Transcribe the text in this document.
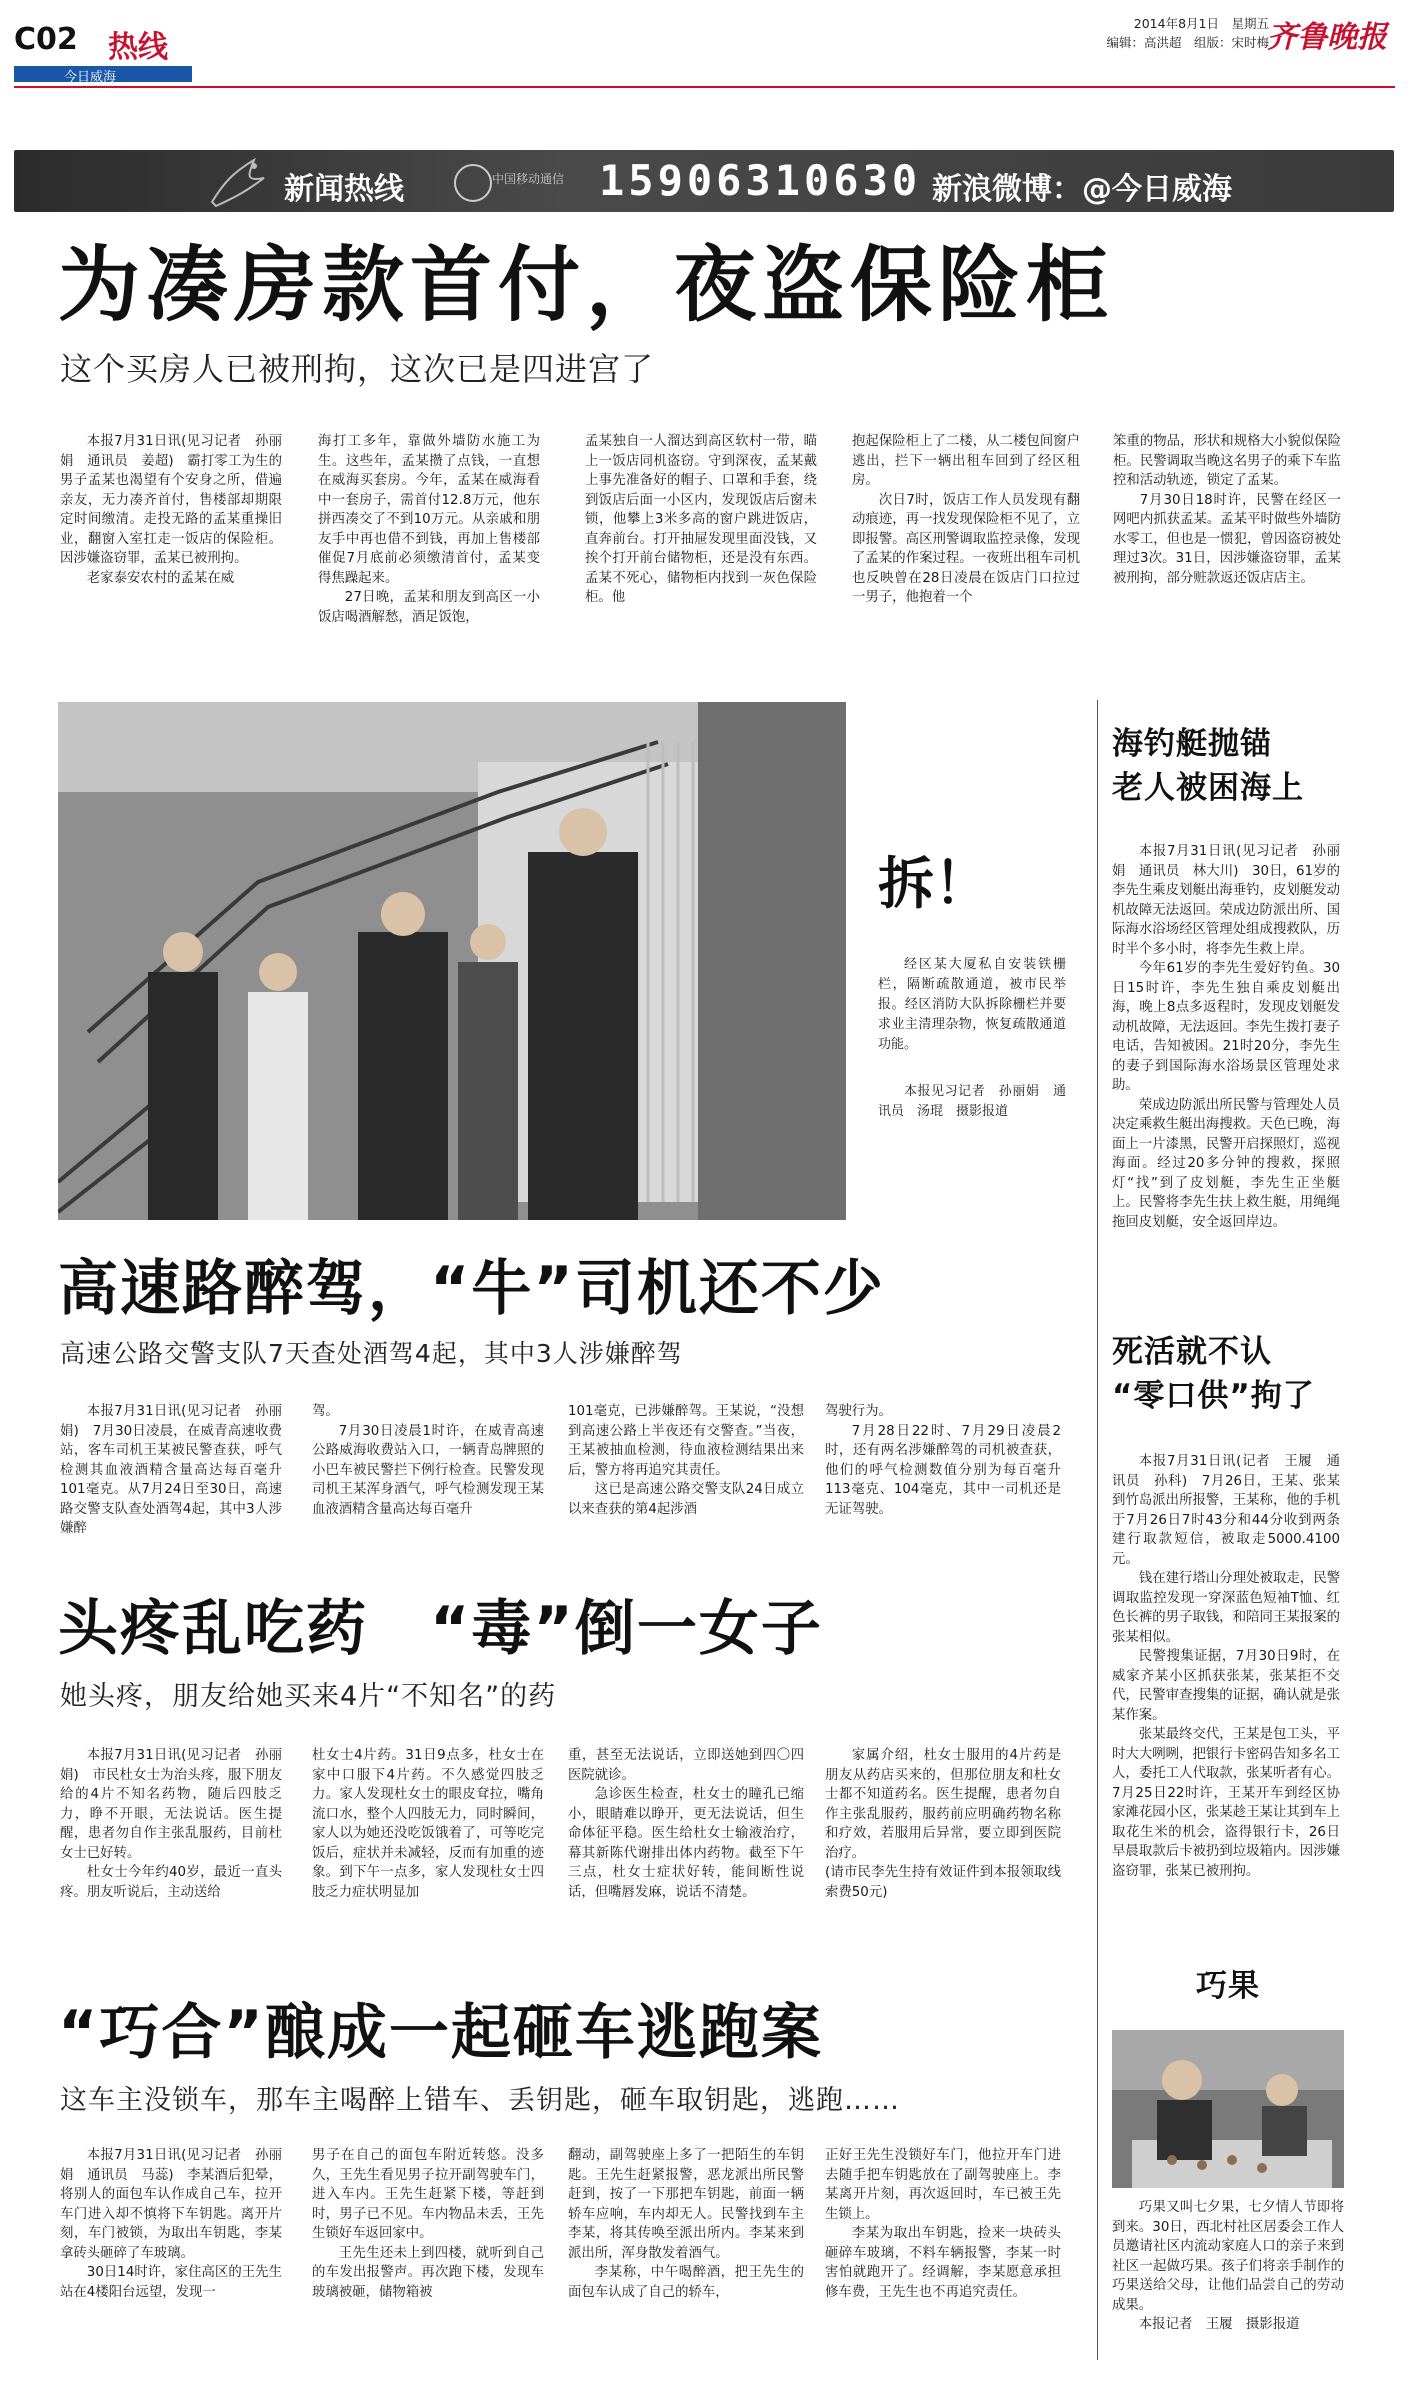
C02 热线
今日威海
2014年8月1日　星期五
编辑：高洪超　组版：宋时梅
齐鲁晚报
新闻热线	中国移动通信 15906310630 新浪微博：@今日威海
为凑房款首付，夜盗保险柜
这个买房人已被刑拘，这次已是四进宫了

本报7月31日讯(见习记者　孙丽娟　通讯员　姜超)　霸打零工为生的男子孟某也渴望有个安身之所，借遍亲友，无力凑齐首付，售楼部却期限定时间缴清。走投无路的孟某重操旧业，翻窗入室扛走一饭店的保险柜。因涉嫌盗窃罪，孟某已被刑拘。

老家泰安农村的孟某在威

海打工多年，靠做外墙防水施工为生。这些年，孟某攒了点钱，一直想在威海买套房。今年，孟某在威海看中一套房子，需首付12.8万元，他东拼西凑交了不到10万元。从亲戚和朋友手中再也借不到钱，再加上售楼部催促7月底前必须缴清首付，孟某变得焦躁起来。

27日晚，孟某和朋友到高区一小饭店喝酒解愁，酒足饭饱，

孟某独自一人溜达到高区软村一带，瞄上一饭店同机盗窃。守到深夜，孟某戴上事先准备好的帽子、口罩和手套，绕到饭店后面一小区内，发现饭店后窗未锁，他攀上3米多高的窗户跳进饭店，直奔前台。打开抽屉发现里面没钱，又挨个打开前台储物柜，还是没有东西。孟某不死心，储物柜内找到一灰色保险柜。他

抱起保险柜上了二楼，从二楼包间窗户逃出，拦下一辆出租车回到了经区租房。

次日7时，饭店工作人员发现有翻动痕迹，再一找发现保险柜不见了，立即报警。高区刑警调取监控录像，发现了孟某的作案过程。一夜班出租车司机也反映曾在28日凌晨在饭店门口拉过一男子，他抱着一个

笨重的物品，形状和规格大小貌似保险柜。民警调取当晚这名男子的乘下车监控和活动轨迹，锁定了孟某。

7月30日18时许，民警在经区一网吧内抓获孟某。孟某平时做些外墙防水零工，但也是一惯犯，曾因盗窃被处理过3次。31日，因涉嫌盗窃罪，孟某被刑拘，部分赃款返还饭店店主。

拆！

经区某大厦私自安装铁栅栏，隔断疏散通道，被市民举报。经区消防大队拆除栅栏并要求业主清理杂物，恢复疏散通道功能。

本报见习记者　孙丽娟　通讯员　汤琨　摄影报道

海钓艇抛锚
老人被困海上

本报7月31日讯(见习记者　孙丽娟　通讯员　林大川)　30日，61岁的李先生乘皮划艇出海垂钓，皮划艇发动机故障无法返回。荣成边防派出所、国际海水浴场经区管理处组成搜救队，历时半个多小时，将李先生救上岸。

今年61岁的李先生爱好钓鱼。30日15时许，李先生独自乘皮划艇出海，晚上8点多返程时，发现皮划艇发动机故障，无法返回。李先生拨打妻子电话，告知被困。21时20分，李先生的妻子到国际海水浴场景区管理处求助。

荣成边防派出所民警与管理处人员决定乘救生艇出海搜救。天色已晚，海面上一片漆黑，民警开启探照灯，巡视海面。经过20多分钟的搜救，探照灯“找”到了皮划艇，李先生正坐艇上。民警将李先生扶上救生艇，用绳绳拖回皮划艇，安全返回岸边。

死活就不认
“零口供”拘了

本报7月31日讯(记者　王履　通讯员　孙科)　7月26日，王某、张某到竹岛派出所报警，王某称，他的手机于7月26日7时43分和44分收到两条建行取款短信，被取走5000.4100元。

钱在建行塔山分理处被取走，民警调取监控发现一穿深蓝色短袖T恤、红色长裤的男子取钱，和陪同王某报案的张某相似。

民警搜集证据，7月30日9时，在威家齐某小区抓获张某，张某拒不交代，民警审查搜集的证据，确认就是张某作案。

张某最终交代，王某是包工头，平时大大咧咧，把银行卡密码告知多名工人，委托工人代取款，张某听者有心。7月25日22时许，王某开车到经区协家滩花园小区，张某趁王某让其到车上取花生米的机会，盗得银行卡，26日早晨取款后卡被扔到垃圾箱内。因涉嫌盗窃罪，张某已被刑拘。

巧果

巧果又叫七夕果，七夕情人节即将到来。30日，西北村社区居委会工作人员邀请社区内流动家庭人口的亲子来到社区一起做巧果。孩子们将亲手制作的巧果送给父母，让他们品尝自己的劳动成果。

本报记者　王履　摄影报道

高速路醉驾，“牛”司机还不少
高速公路交警支队7天查处酒驾4起，其中3人涉嫌醉驾

本报7月31日讯(见习记者　孙丽娟)　7月30日凌晨，在威青高速收费站，客车司机王某被民警查获，呼气检测其血液酒精含量高达每百毫升101毫克。从7月24日至30日，高速路交警支队查处酒驾4起，其中3人涉嫌醉

驾。

7月30日凌晨1时许，在威青高速公路威海收费站入口，一辆青岛牌照的小巴车被民警拦下例行检查。民警发现司机王某浑身酒气，呼气检测发现王某血液酒精含量高达每百毫升

101毫克，已涉嫌醉驾。王某说，“没想到高速公路上半夜还有交警查。”当夜，王某被抽血检测，待血液检测结果出来后，警方将再追究其责任。

这已是高速公路交警支队24日成立以来查获的第4起涉酒

驾驶行为。

7月28日22时、7月29日凌晨2时，还有两名涉嫌醉驾的司机被查获，他们的呼气检测数值分别为每百毫升113毫克、104毫克，其中一司机还是无证驾驶。

头疼乱吃药　“毒”倒一女子
她头疼，朋友给她买来4片“不知名”的药

本报7月31日讯(见习记者　孙丽娟)　市民杜女士为治头疼，服下朋友给的4片不知名药物，随后四肢乏力，睁不开眼，无法说话。医生提醒，患者勿自作主张乱服药，目前杜女士已好转。

杜女士今年约40岁，最近一直头疼。朋友听说后，主动送给

杜女士4片药。31日9点多，杜女士在家中口服下4片药。不久感觉四肢乏力。家人发现杜女士的眼皮耷拉，嘴角流口水，整个人四肢无力，同时瞬间，家人以为她还没吃饭饿着了，可等吃完饭后，症状并未减轻，反而有加重的迹象。到下午一点多，家人发现杜女士四肢乏力症状明显加

重，甚至无法说话，立即送她到四〇四医院就诊。

急诊医生检查，杜女士的瞳孔已缩小，眼睛难以睁开，更无法说话，但生命体征平稳。医生给杜女士输液治疗，幕其新陈代谢排出体内药物。截至下午三点，杜女士症状好转，能间断性说话，但嘴唇发麻，说话不清楚。

家属介绍，杜女士服用的4片药是朋友从药店买来的，但那位朋友和杜女士都不知道药名。医生提醒，患者勿自作主张乱服药，服药前应明确药物名称和疗效，若服用后异常，要立即到医院治疗。

(请市民李先生持有效证件到本报领取线索费50元)

“巧合”酿成一起砸车逃跑案
这车主没锁车，那车主喝醉上错车、丢钥匙，砸车取钥匙，逃跑……

本报7月31日讯(见习记者　孙丽娟　通讯员　马蕊)　李某酒后犯晕，将别人的面包车认作成自己车，拉开车门进入却不慎将下车钥匙。离开片刻，车门被锁，为取出车钥匙，李某拿砖头砸碎了车玻璃。

30日14时许，家住高区的王先生站在4楼阳台远望，发现一

男子在自己的面包车附近转悠。没多久，王先生看见男子拉开副驾驶车门，进入车内。王先生赶紧下楼，等赶到时，男子已不见。车内物品未丢，王先生锁好车返回家中。

王先生还未上到四楼，就听到自己的车发出报警声。再次跑下楼，发现车玻璃被砸，储物箱被

翻动，副驾驶座上多了一把陌生的车钥匙。王先生赶紧报警，恶龙派出所民警赶到，按了一下那把车钥匙，前面一辆轿车应响，车内却无人。民警找到车主李某，将其传唤至派出所内。李某来到派出所，浑身散发着酒气。

李某称，中午喝醉酒，把王先生的面包车认成了自己的轿车，

正好王先生没锁好车门，他拉开车门进去随手把车钥匙放在了副驾驶座上。李某离开片刻，再次返回时，车已被王先生锁上。

李某为取出车钥匙，捡来一块砖头砸碎车玻璃，不料车辆报警，李某一时害怕就跑开了。经调解，李某愿意承担修车费，王先生也不再追究责任。
